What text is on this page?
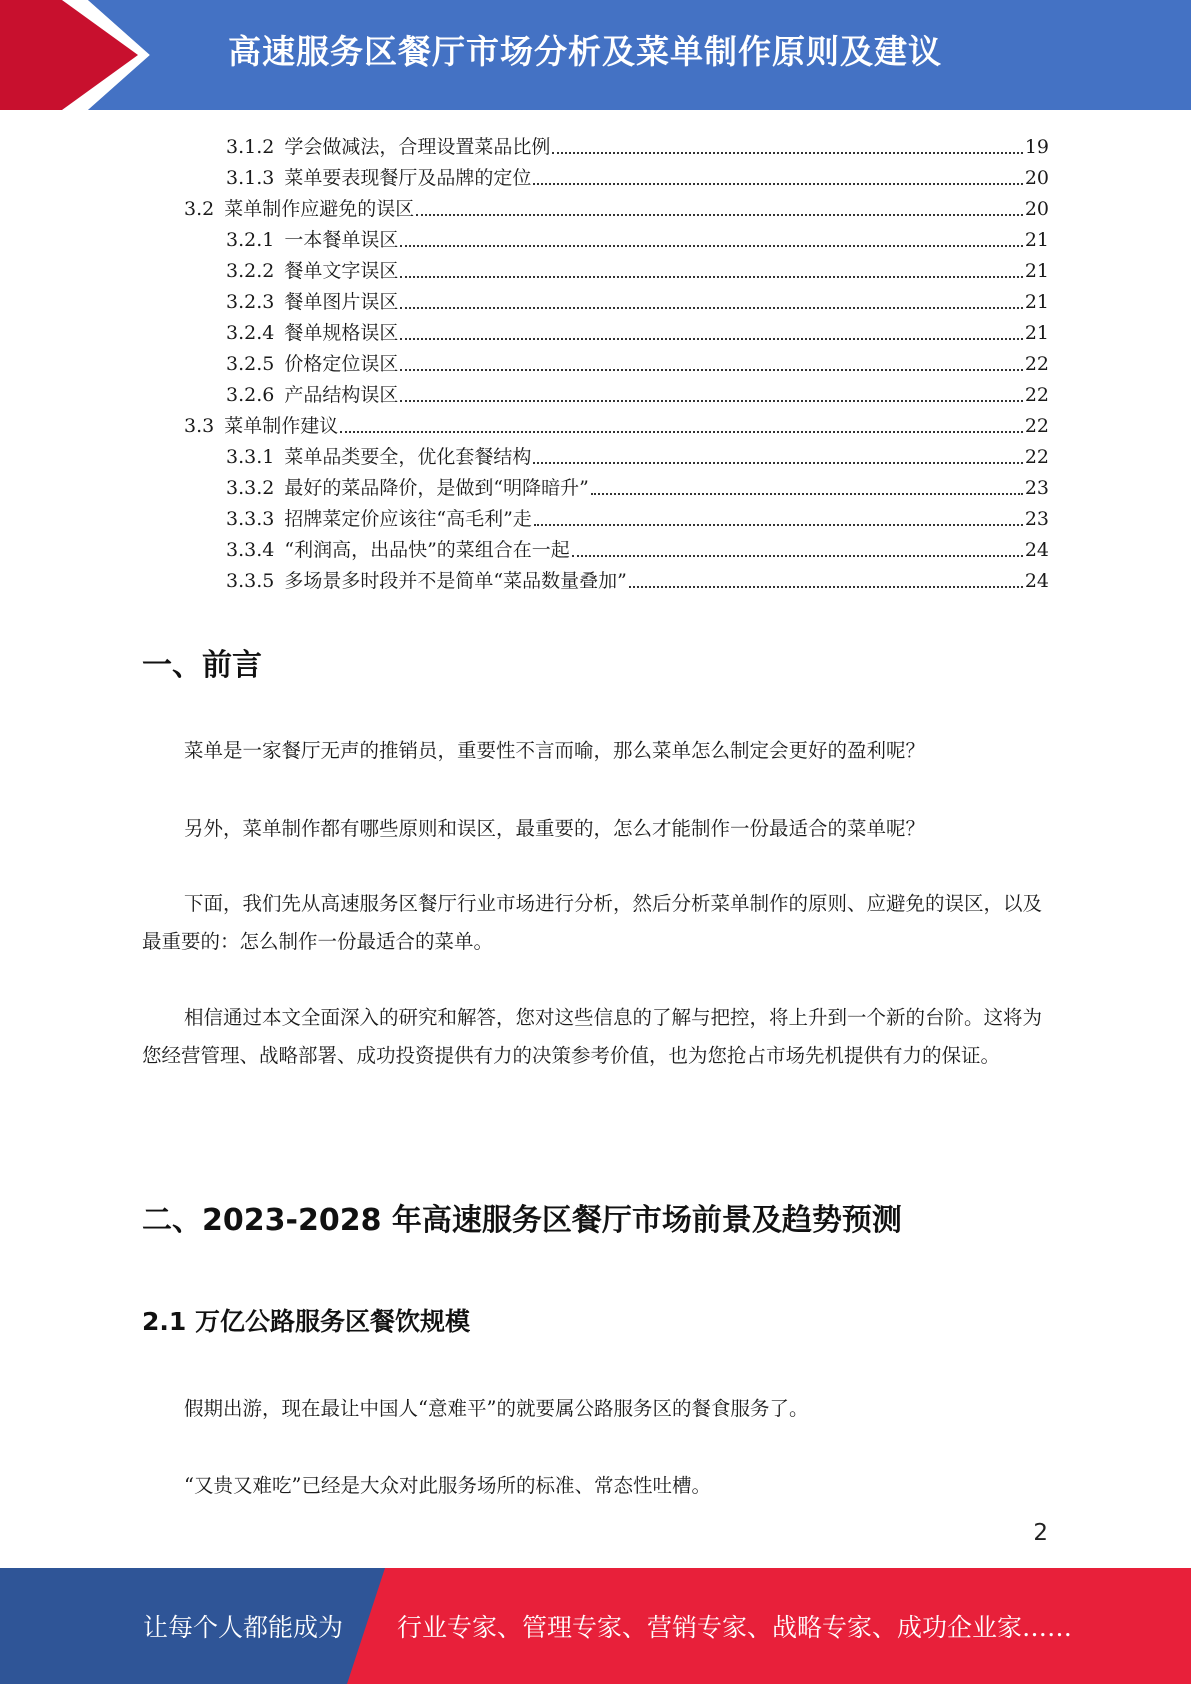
高速服务区餐厅市场分析及菜单制作原则及建议
3.1.2 学会做减法，合理设置菜品比例	19
3.1.3 菜单要表现餐厅及品牌的定位	20
3.2 菜单制作应避免的误区	20
3.2.1 一本餐单误区	21
3.2.2 餐单文字误区	21
3.2.3 餐单图片误区	21
3.2.4 餐单规格误区	21
3.2.5 价格定位误区	22
3.2.6 产品结构误区	22
3.3 菜单制作建议	22
3.3.1 菜单品类要全，优化套餐结构	22
3.3.2 最好的菜品降价，是做到“明降暗升”	23
3.3.3 招牌菜定价应该往“高毛利”走	23
3.3.4 “利润高，出品快”的菜组合在一起	24
3.3.5 多场景多时段并不是简单“菜品数量叠加”	24
一、前言

菜单是一家餐厅无声的推销员，重要性不言而喻，那么菜单怎么制定会更好的盈利呢？

另外，菜单制作都有哪些原则和误区，最重要的，怎么才能制作一份最适合的菜单呢？

下面，我们先从高速服务区餐厅行业市场进行分析，然后分析菜单制作的原则、应避免的误区，以及最重要的：怎么制作一份最适合的菜单。

相信通过本文全面深入的研究和解答，您对这些信息的了解与把控，将上升到一个新的台阶。这将为您经营管理、战略部署、成功投资提供有力的决策参考价值，也为您抢占市场先机提供有力的保证。

二、2023-2028 年高速服务区餐厅市场前景及趋势预测
2.1 万亿公路服务区餐饮规模

假期出游，现在最让中国人“意难平”的就要属公路服务区的餐食服务了。

“又贵又难吃”已经是大众对此服务场所的标准、常态性吐槽。

2
让每个人都能成为 行业专家、管理专家、营销专家、战略专家、成功企业家……
